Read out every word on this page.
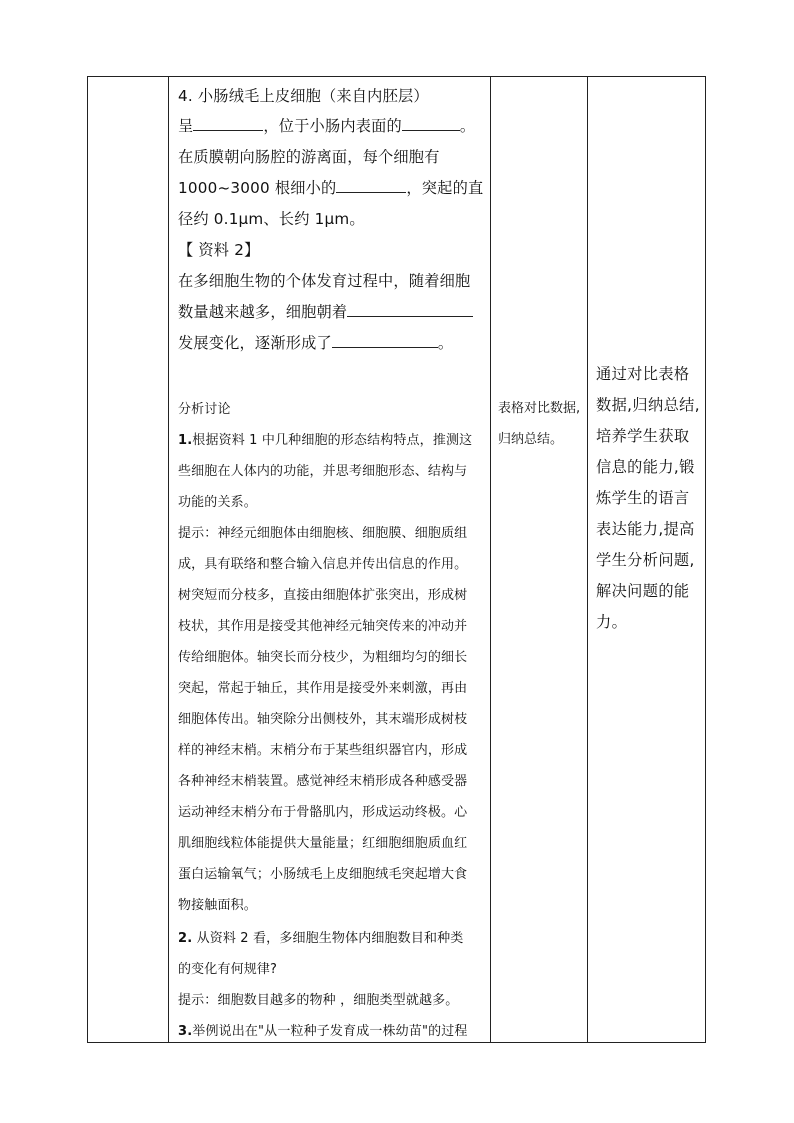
4. 小肠绒毛上皮细胞（来自内胚层）
呈	，位于小肠内表面的	。
在质膜朝向肠腔的游离面，每个细胞有
1000~3000 根细小的	，突起的直
径约 0.1μm、长约 1μm。
【 资料 2】
在多细胞生物的个体发育过程中，随着细胞
数量越来越多，细胞朝着
发展变化，逐渐形成了	。
分析讨论
1.根据资料 1 中几种细胞的形态结构特点，推测这
些细胞在人体内的功能，并思考细胞形态、结构与
功能的关系。
提示：神经元细胞体由细胞核、细胞膜、细胞质组
成，具有联络和整合输入信息并传出信息的作用。
树突短而分枝多，直接由细胞体扩张突出，形成树
枝状，其作用是接受其他神经元轴突传来的冲动并
传给细胞体。轴突长而分枝少，为粗细均匀的细长
突起，常起于轴丘，其作用是接受外来刺激，再由
细胞体传出。轴突除分出侧枝外，其末端形成树枝
样的神经末梢。末梢分布于某些组织器官内，形成
各种神经末梢装置。感觉神经末梢形成各种感受器
运动神经末梢分布于骨骼肌内，形成运动终极。心
肌细胞线粒体能提供大量能量；红细胞细胞质血红
蛋白运输氧气；小肠绒毛上皮细胞绒毛突起增大食
物接触面积。
2. 从资料 2 看，多细胞生物体内细胞数目和种类
的变化有何规律?
提示：细胞数目越多的物种 ，细胞类型就越多。
3.举例说出在"从一粒种子发育成一株幼苗"的过程
表格对比数据,
归纳总结。
通过对比表格
数据,归纳总结,
培养学生获取
信息的能力,锻
炼学生的语言
表达能力,提高
学生分析问题,
解决问题的能
力。
